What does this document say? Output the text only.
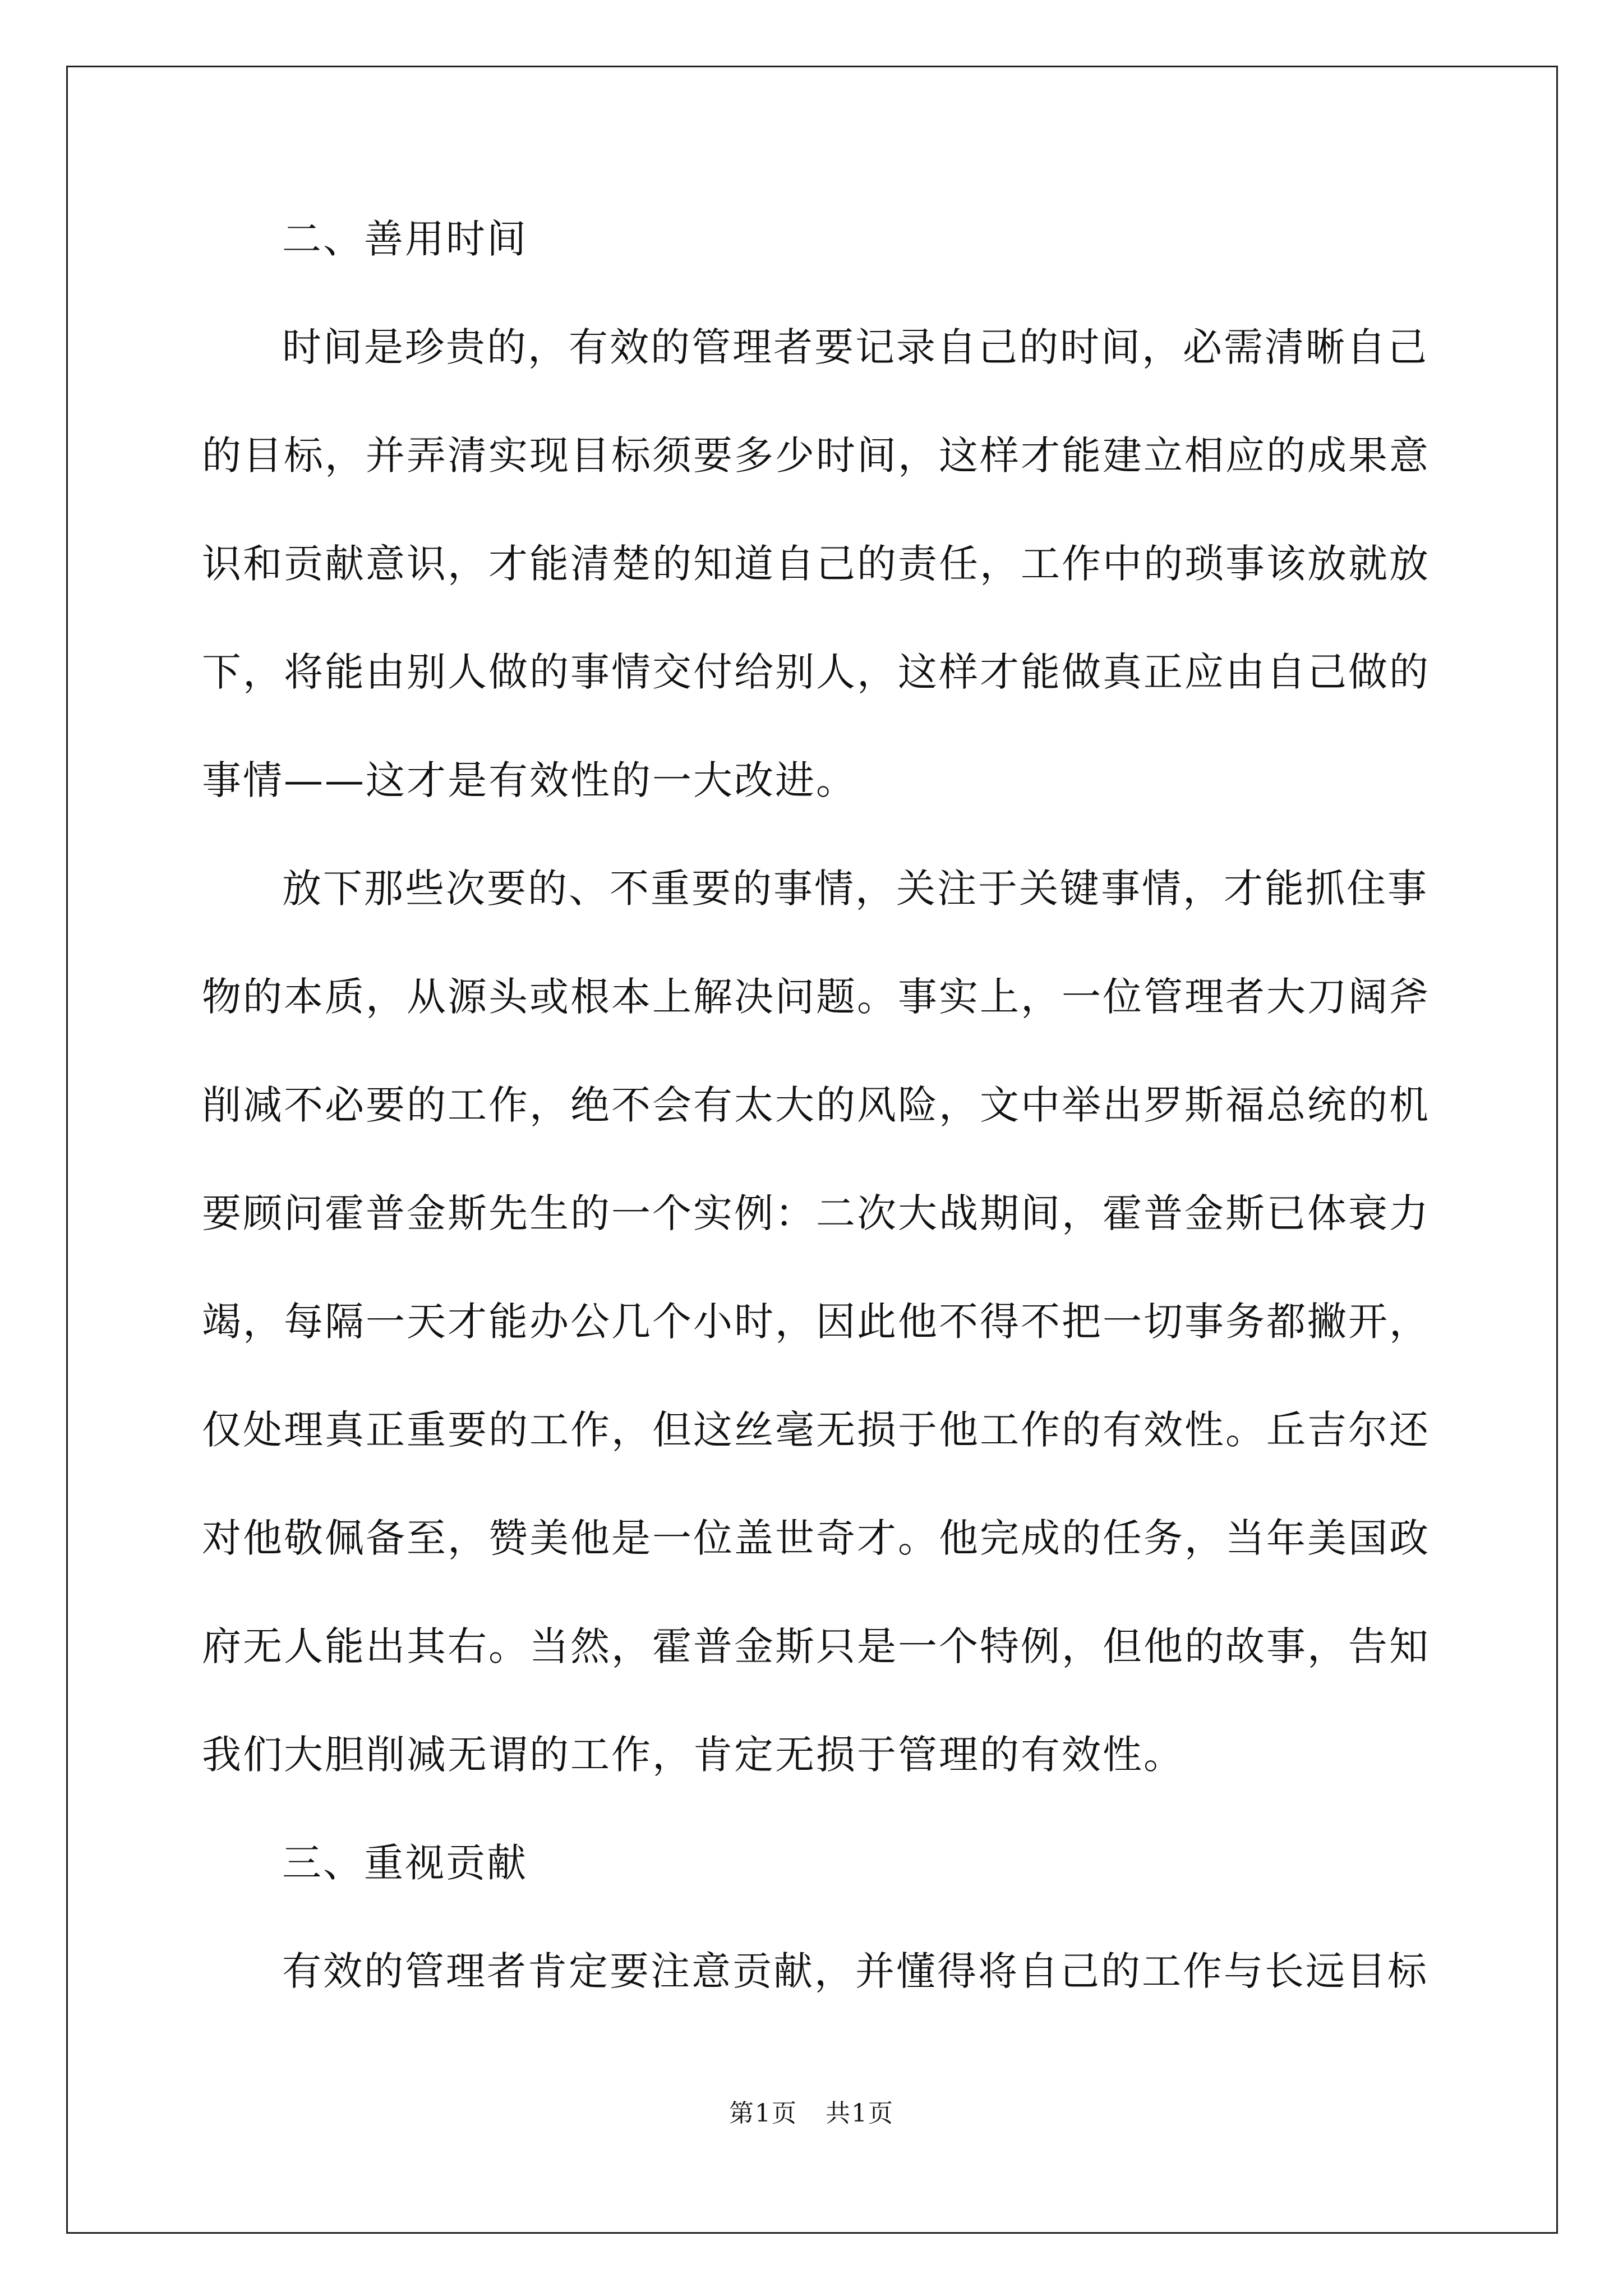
二、善用时间
时间是珍贵的，有效的管理者要记录自己的时间，必需清晰自己
的目标，并弄清实现目标须要多少时间，这样才能建立相应的成果意
识和贡献意识，才能清楚的知道自己的责任，工作中的琐事该放就放
下，将能由别人做的事情交付给别人，这样才能做真正应由自己做的
事情——这才是有效性的一大改进。
放下那些次要的、不重要的事情，关注于关键事情，才能抓住事
物的本质，从源头或根本上解决问题。事实上，一位管理者大刀阔斧
削减不必要的工作，绝不会有太大的风险，文中举出罗斯福总统的机
要顾问霍普金斯先生的一个实例：二次大战期间，霍普金斯已体衰力
竭，每隔一天才能办公几个小时，因此他不得不把一切事务都撇开，
仅处理真正重要的工作，但这丝毫无损于他工作的有效性。丘吉尔还
对他敬佩备至，赞美他是一位盖世奇才。他完成的任务，当年美国政
府无人能出其右。当然，霍普金斯只是一个特例，但他的故事，告知
我们大胆削减无谓的工作，肯定无损于管理的有效性。
三、重视贡献
有效的管理者肯定要注意贡献，并懂得将自己的工作与长远目标
第1页 共1页
